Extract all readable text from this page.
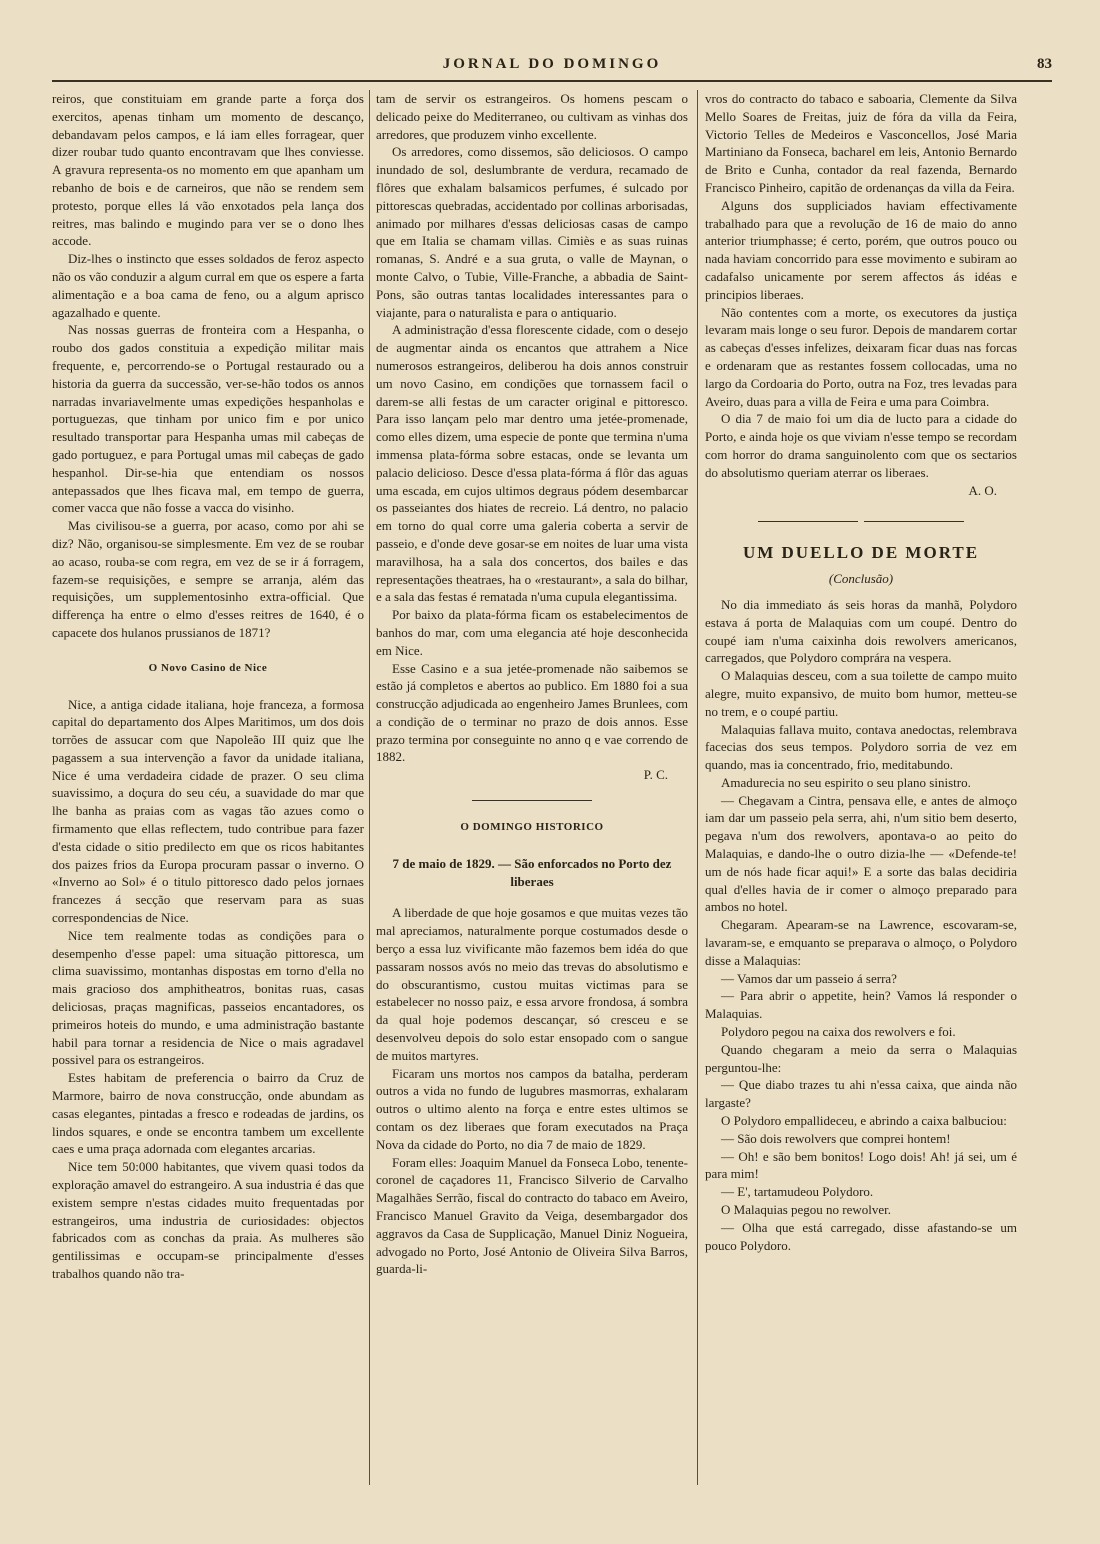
JORNAL DO DOMINGO	83

reiros, que constituiam em grande parte a força dos exercitos, apenas tinham um momento de descanço, debandavam pelos campos, e lá iam elles forragear, quer dizer roubar tudo quanto encontravam que lhes conviesse. A gravura representa-os no momento em que apanham um rebanho de bois e de carneiros, que não se rendem sem protesto, porque elles lá vão enxotados pela lança dos reitres, mas balindo e mugindo para ver se o dono lhes accode.

Diz-lhes o instincto que esses soldados de feroz aspecto não os vão conduzir a algum curral em que os espere a farta alimentação e a boa cama de feno, ou a algum aprisco agazalhado e quente.

Nas nossas guerras de fronteira com a Hespanha, o roubo dos gados constituia a expedição militar mais frequente, e, percorrendo-se o Portugal restaurado ou a historia da guerra da successão, ver-se-hão todos os annos narradas invariavelmente umas expedições hespanholas e portuguezas, que tinham por unico fim e por unico resultado transportar para Hespanha umas mil cabeças de gado portuguez, e para Portugal umas mil cabeças de gado hespanhol. Dir-se-hia que entendiam os nossos antepassados que lhes ficava mal, em tempo de guerra, comer vacca que não fosse a vacca do visinho.

Mas civilisou-se a guerra, por acaso, como por ahi se diz? Não, organisou-se simplesmente. Em vez de se roubar ao acaso, rouba-se com regra, em vez de se ir á forragem, fazem-se requisições, e sempre se arranja, além das requisições, um supplementosinho extra-official. Que differença ha entre o elmo d'esses reitres de 1640, é o capacete dos hulanos prussianos de 1871?

O Novo Casino de Nice

Nice, a antiga cidade italiana, hoje franceza, a formosa capital do departamento dos Alpes Maritimos, um dos dois torrões de assucar com que Napoleão III quiz que lhe pagassem a sua intervenção a favor da unidade italiana, Nice é uma verdadeira cidade de prazer. O seu clima suavissimo, a doçura do seu céu, a suavidade do mar que lhe banha as praias com as vagas tão azues como o firmamento que ellas reflectem, tudo contribue para fazer d'esta cidade o sitio predilecto em que os ricos habitantes dos paizes frios da Europa procuram passar o inverno. O «Inverno ao Sol» é o titulo pittoresco dado pelos jornaes francezes á secção que reservam para as suas correspondencias de Nice.

Nice tem realmente todas as condições para o desempenho d'esse papel: uma situação pittoresca, um clima suavissimo, montanhas dispostas em torno d'ella no mais gracioso dos amphitheatros, bonitas ruas, casas deliciosas, praças magnificas, passeios encantadores, os primeiros hoteis do mundo, e uma administração bastante habil para tornar a residencia de Nice o mais agradavel possivel para os estrangeiros.

Estes habitam de preferencia o bairro da Cruz de Marmore, bairro de nova construcção, onde abundam as casas elegantes, pintadas a fresco e rodeadas de jardins, os lindos squares, e onde se encontra tambem um excellente caes e uma praça adornada com elegantes arcarias.

Nice tem 50:000 habitantes, que vivem quasi todos da exploração amavel do estrangeiro. A sua industria é das que existem sempre n'estas cidades muito frequentadas por estrangeiros, uma industria de curiosidades: objectos fabricados com as conchas da praia. As mulheres são gentilissimas e occupam-se principalmente d'esses trabalhos quando não tra-

tam de servir os estrangeiros. Os homens pescam o delicado peixe do Mediterraneo, ou cultivam as vinhas dos arredores, que produzem vinho excellente.

Os arredores, como dissemos, são deliciosos. O campo inundado de sol, deslumbrante de verdura, recamado de flôres que exhalam balsamicos perfumes, é sulcado por pittorescas quebradas, accidentado por collinas arborisadas, animado por milhares d'essas deliciosas casas de campo que em Italia se chamam villas. Cimiès e as suas ruinas romanas, S. André e a sua gruta, o valle de Maynan, o monte Calvo, o Tubie, Ville-Franche, a abbadia de Saint-Pons, são outras tantas localidades interessantes para o viajante, para o naturalista e para o antiquario.

A administração d'essa florescente cidade, com o desejo de augmentar ainda os encantos que attrahem a Nice numerosos estrangeiros, deliberou ha dois annos construir um novo Casino, em condições que tornassem facil o darem-se alli festas de um caracter original e pittoresco. Para isso lançam pelo mar dentro uma jetée-promenade, como elles dizem, uma especie de ponte que termina n'uma immensa plata-fórma sobre estacas, onde se levanta um palacio delicioso. Desce d'essa plata-fórma á flôr das aguas uma escada, em cujos ultimos degraus pódem desembarcar os passeiantes dos hiates de recreio. Lá dentro, no palacio em torno do qual corre uma galeria coberta a servir de passeio, e d'onde deve gosar-se em noites de luar uma vista maravilhosa, ha a sala dos concertos, dos bailes e das representações theatraes, ha o «restaurant», a sala do bilhar, e a sala das festas é rematada n'uma cupula elegantissima.

Por baixo da plata-fórma ficam os estabelecimentos de banhos do mar, com uma elegancia até hoje desconhecida em Nice.

Esse Casino e a sua jetée-promenade não saibemos se estão já completos e abertos ao publico. Em 1880 foi a sua construcção adjudicada ao engenheiro James Brunlees, com a condição de o terminar no prazo de dois annos. Esse prazo termina por conseguinte no anno q e vae correndo de 1882.

P. C.

O DOMINGO HISTORICO

7 de maio de 1829. — São enforcados no Porto dez liberaes

A liberdade de que hoje gosamos e que muitas vezes tão mal apreciamos, naturalmente porque costumados desde o berço a essa luz vivificante mão fazemos bem idéa do que passaram nossos avós no meio das trevas do absolutismo e do obscurantismo, custou muitas victimas para se estabelecer no nosso paiz, e essa arvore frondosa, á sombra da qual hoje podemos descançar, só cresceu e se desenvolveu depois do solo estar ensopado com o sangue de muitos martyres.

Ficaram uns mortos nos campos da batalha, perderam outros a vida no fundo de lugubres masmorras, exhalaram outros o ultimo alento na força e entre estes ultimos se contam os dez liberaes que foram executados na Praça Nova da cidade do Porto, no dia 7 de maio de 1829.

Foram elles: Joaquim Manuel da Fonseca Lobo, tenente-coronel de caçadores 11, Francisco Silverio de Carvalho Magalhães Serrão, fiscal do contracto do tabaco em Aveiro, Francisco Manuel Gravito da Veiga, desembargador dos aggravos da Casa de Supplicação, Manuel Diniz Nogueira, advogado no Porto, José Antonio de Oliveira Silva Barros, guarda-li-

vros do contracto do tabaco e saboaria, Clemente da Silva Mello Soares de Freitas, juiz de fóra da villa da Feira, Victorio Telles de Medeiros e Vasconcellos, José Maria Martiniano da Fonseca, bacharel em leis, Antonio Bernardo de Brito e Cunha, contador da real fazenda, Bernardo Francisco Pinheiro, capitão de ordenanças da villa da Feira.

Alguns dos suppliciados haviam effectivamente trabalhado para que a revolução de 16 de maio do anno anterior triumphasse; é certo, porém, que outros pouco ou nada haviam concorrido para esse movimento e subiram ao cadafalso unicamente por serem affectos ás idéas e principios liberaes.

Não contentes com a morte, os executores da justiça levaram mais longe o seu furor. Depois de mandarem cortar as cabeças d'esses infelizes, deixaram ficar duas nas forcas e ordenaram que as restantes fossem collocadas, uma no largo da Cordoaria do Porto, outra na Foz, tres levadas para Aveiro, duas para a villa de Feira e uma para Coimbra.

O dia 7 de maio foi um dia de lucto para a cidade do Porto, e ainda hoje os que viviam n'esse tempo se recordam com horror do drama sanguinolento com que os sectarios do absolutismo queriam aterrar os liberaes.

A. O.

UM DUELLO DE MORTE

(Conclusão)

No dia immediato ás seis horas da manhã, Polydoro estava á porta de Malaquias com um coupé. Dentro do coupé iam n'uma caixinha dois rewolvers americanos, carregados, que Polydoro comprára na vespera.

O Malaquias desceu, com a sua toilette de campo muito alegre, muito expansivo, de muito bom humor, metteu-se no trem, e o coupé partiu.

Malaquias fallava muito, contava anedoctas, relembrava facecias dos seus tempos. Polydoro sorria de vez em quando, mas ia concentrado, frio, meditabundo.

Amadurecia no seu espirito o seu plano sinistro.

— Chegavam a Cintra, pensava elle, e antes de almoço iam dar um passeio pela serra, ahi, n'um sitio bem deserto, pegava n'um dos rewolvers, apontava-o ao peito do Malaquias, e dando-lhe o outro dizia-lhe — «Defende-te! um de nós hade ficar aqui!» E a sorte das balas decidiria qual d'elles havia de ir comer o almoço preparado para ambos no hotel.

Chegaram. Apearam-se na Lawrence, escovaram-se, lavaram-se, e emquanto se preparava o almoço, o Polydoro disse a Malaquias:

— Vamos dar um passeio á serra?

— Para abrir o appetite, hein? Vamos lá responder o Malaquias.

Polydoro pegou na caixa dos rewolvers e foi.

Quando chegaram a meio da serra o Malaquias perguntou-lhe:

— Que diabo trazes tu ahi n'essa caixa, que ainda não largaste?

O Polydoro empallideceu, e abrindo a caixa balbuciou:

— São dois rewolvers que comprei hontem!

— Oh! e são bem bonitos! Logo dois! Ah! já sei, um é para mim!

— E', tartamudeou Polydoro.

O Malaquias pegou no rewolver.

— Olha que está carregado, disse afastando-se um pouco Polydoro.
